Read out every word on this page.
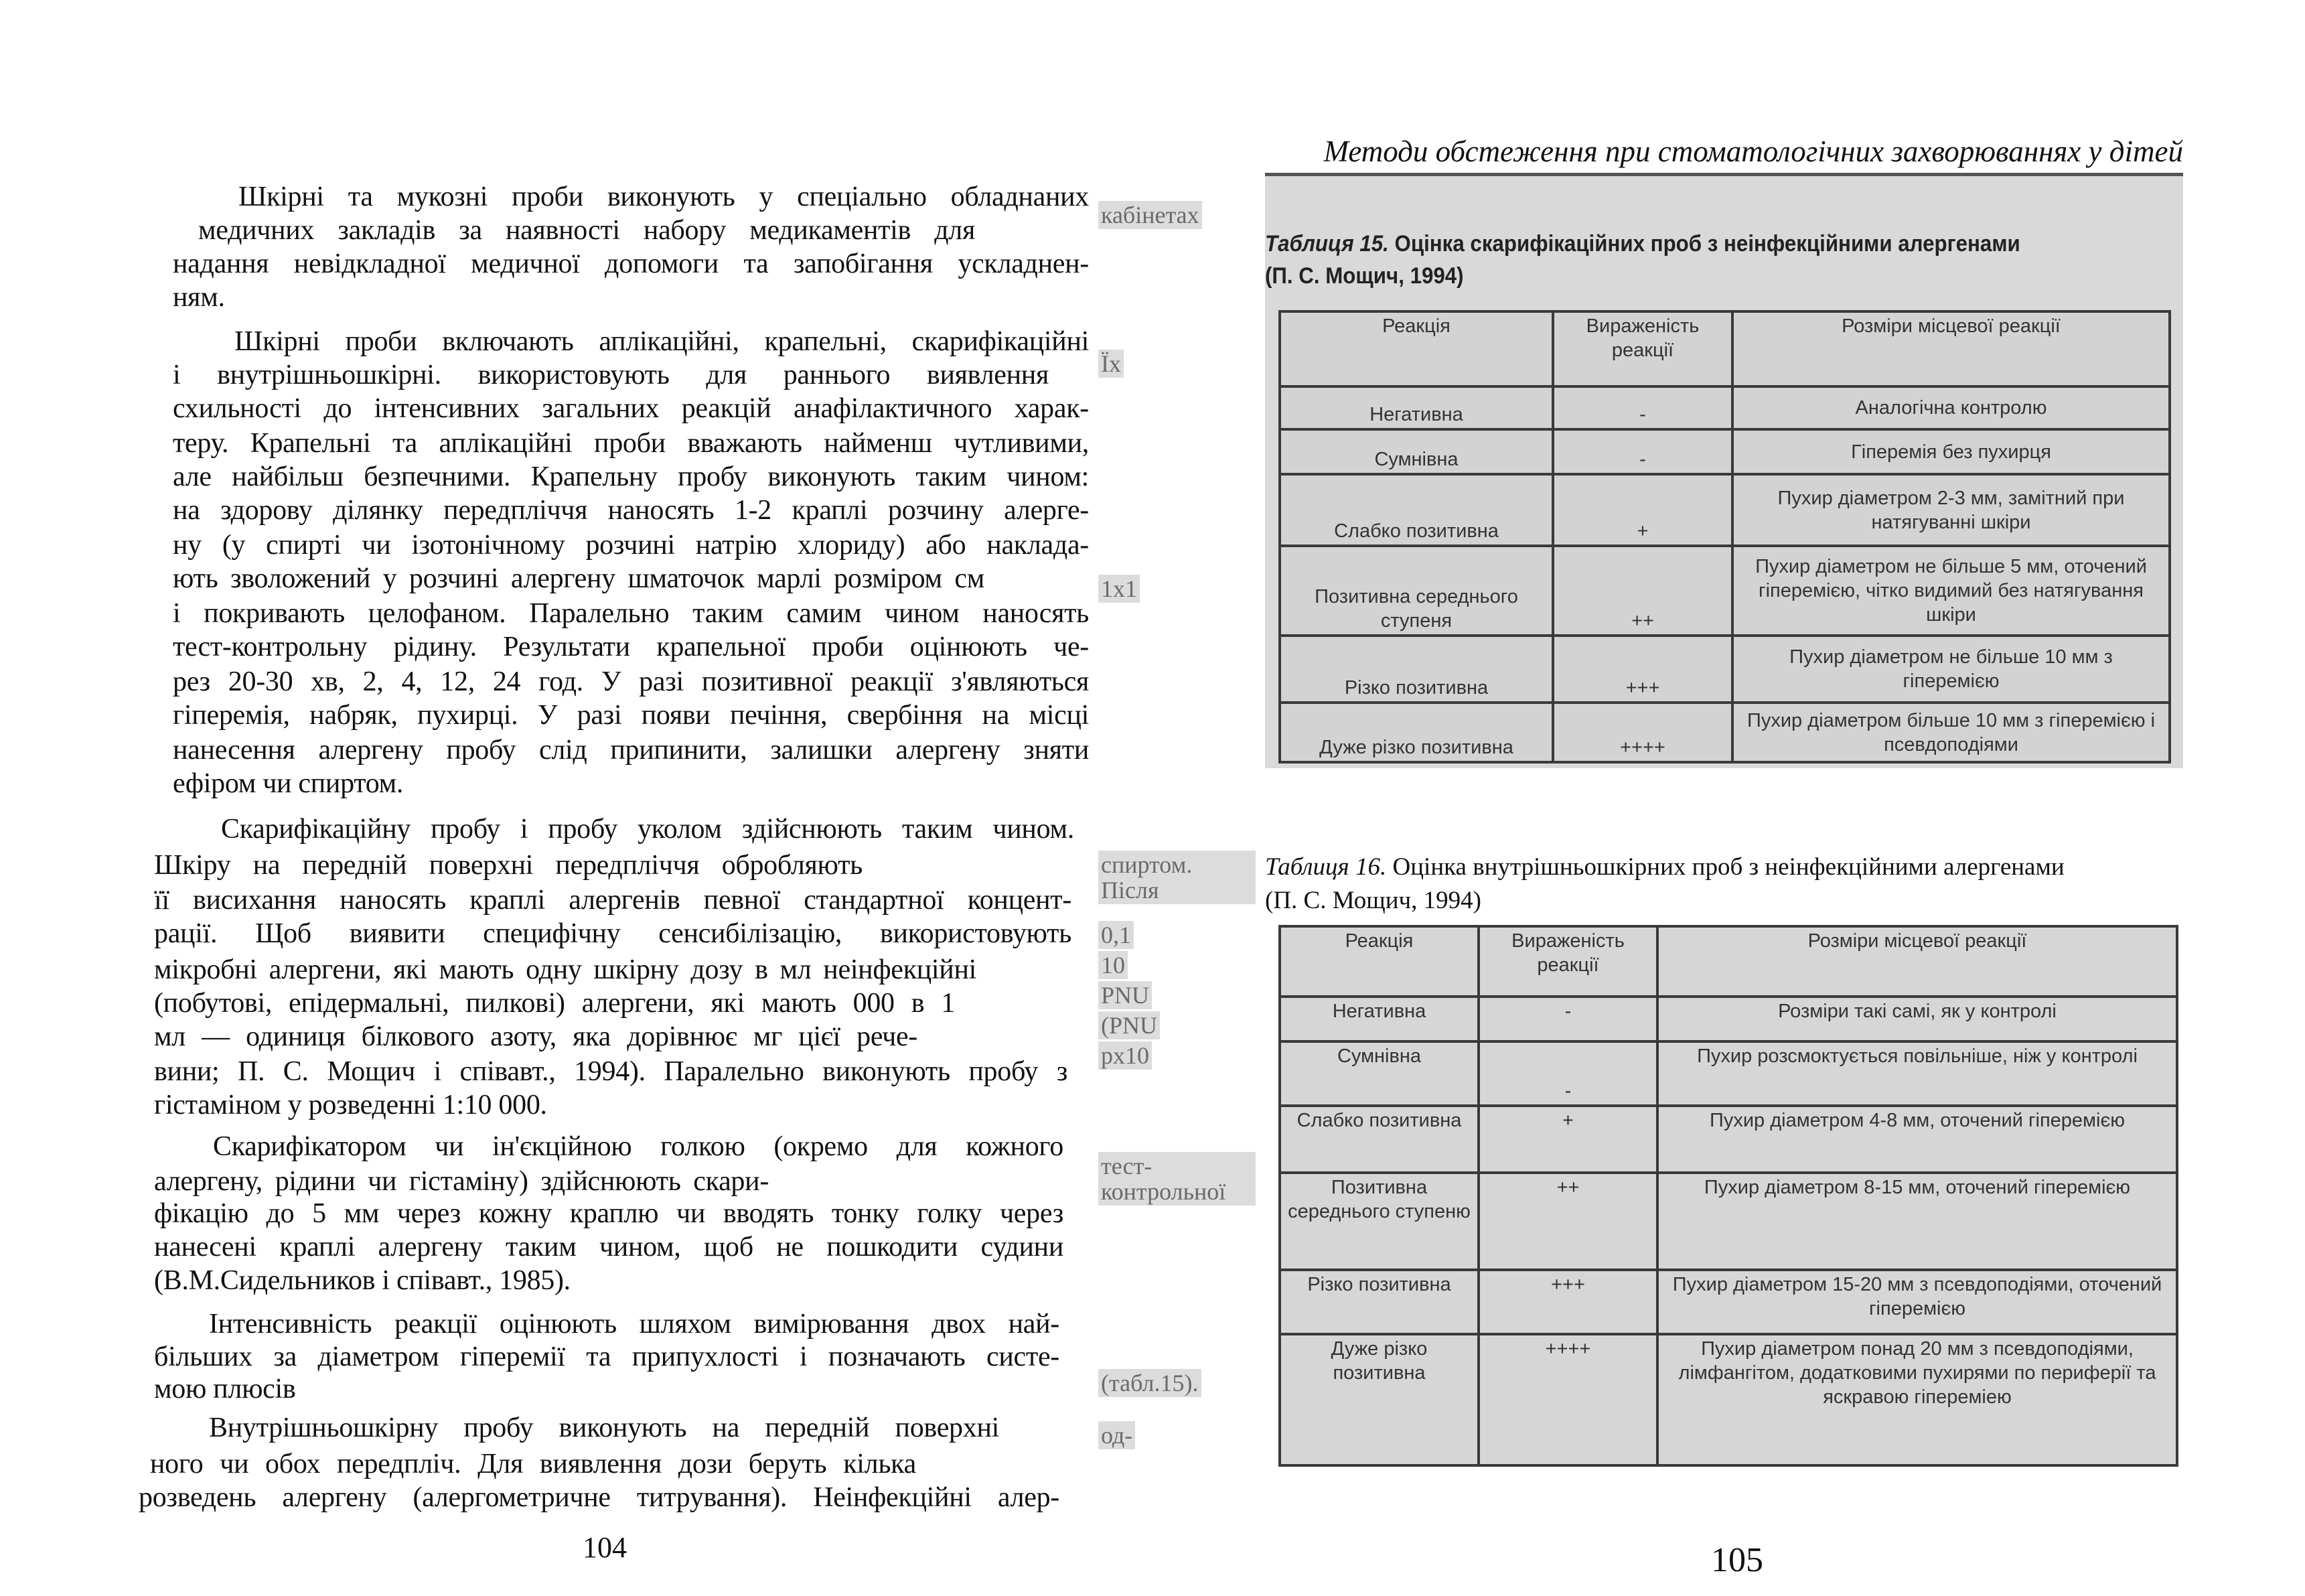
Шкірні та мукозні проби виконують у спеціально обладнаних
медичних закладів за наявності набору медикаментів для
надання невідкладної медичної допомоги та запобігання ускладнен-
ням.
Шкірні проби включають аплікаційні, крапельні, скарифікаційні
і внутрішньошкірні. використовують для раннього виявлення
схильності до інтенсивних загальних реакцій анафілактичного харак-
теру. Крапельні та аплікаційні проби вважають найменш чутливими,
але найбільш безпечними. Крапельну пробу виконують таким чином:
на здорову ділянку передпліччя наносять 1-2 краплі розчину алерге-
ну (у спирті чи ізотонічному розчині натрію хлориду) або наклада-
ють зволожений у розчині алергену шматочок марлі розміром см
і покривають целофаном. Паралельно таким самим чином наносять
тест-контрольну рідину. Результати крапельної проби оцінюють че-
рез 20-30 хв, 2, 4, 12, 24 год. У разі позитивної реакції з'являються
гіперемія, набряк, пухирці. У разі появи печіння, свербіння на місці
нанесення алергену пробу слід припинити, залишки алергену зняти
ефіром чи спиртом.
Скарифікаційну пробу і пробу уколом здійснюють таким чином.
Шкіру на передній поверхні передпліччя обробляють
її висихання наносять краплі алергенів певної стандартної концент-
рації. Щоб виявити специфічну сенсибілізацію, використовують
мікробні алергени, які мають одну шкірну дозу в мл неінфекційні
(побутові, епідермальні, пилкові) алергени, які мають 000 в 1
мл — одиниця білкового азоту, яка дорівнює мг цієї рече-
вини; П. С. Мощич і співавт., 1994). Паралельно виконують пробу з
гістаміном у розведенні 1:10 000.
Скарифікатором чи ін'єкційною голкою (окремо для кожного
алергену, рідини чи гістаміну) здійснюють скари-
фікацію до 5 мм через кожну краплю чи вводять тонку голку через
нанесені краплі алергену таким чином, щоб не пошкодити судини
(В.М.Сидельников і співавт., 1985).
Інтенсивність реакції оцінюють шляхом вимірювання двох най-
більших за діаметром гіперемії та припухлості і позначають систе-
мою плюсів
Внутрішньошкірну пробу виконують на передній поверхні
ного чи обох передпліч. Для виявлення дози беруть кілька
розведень алергену (алергометричне титрування). Неінфекційні алер-
кабінетах
Їх
1x1
спиртом. Після
0,1
10
PNU
(PNU
рх10
тест-контрольної
(табл.15).
од-
104
Методи обстеження при стоматологічних захворюваннях у дітей
Таблиця 15. Оцінка скарифікаційних проб з неінфекційними алергенами
(П. С. Мощич, 1994)
Реакція	Вираженість реакції	Розміри місцевої реакції
Негативна	-	Аналогічна контролю
Сумнівна	-	Гіперемія без пухирця
Слабко позитивна	+	Пухир діаметром 2-3 мм, замітний при натягуванні шкіри
Позитивна середнього ступеня	++	Пухир діаметром не більше 5 мм, оточений гіперемією, чітко видимий без натягування шкіри
Різко позитивна	+++	Пухир діаметром не більше 10 мм з гіперемією
Дуже різко позитивна	++++	Пухир діаметром більше 10 мм з гіперемією і псевдоподіями
Таблиця 16. Оцінка внутрішньошкірних проб з неінфекційними алергенами
(П. С. Мощич, 1994)
Реакція	Вираженість реакції	Розміри місцевої реакції
Негативна	-	Розміри такі самі, як у контролі
Сумнівна	-	Пухир розсмоктується повільніше, ніж у контролі
Слабко позитивна	+	Пухир діаметром 4-8 мм, оточений гіперемією
Позитивна середнього ступеню	++	Пухир діаметром 8-15 мм, оточений гіперемією
Різко позитивна	+++	Пухир діаметром 15-20 мм з псевдоподіями, оточений гіперемією
Дуже різко позитивна	++++	Пухир діаметром понад 20 мм з псевдоподіями, лімфангітом, додатковими пухирями по периферії та яскравою гіпереміею
105
